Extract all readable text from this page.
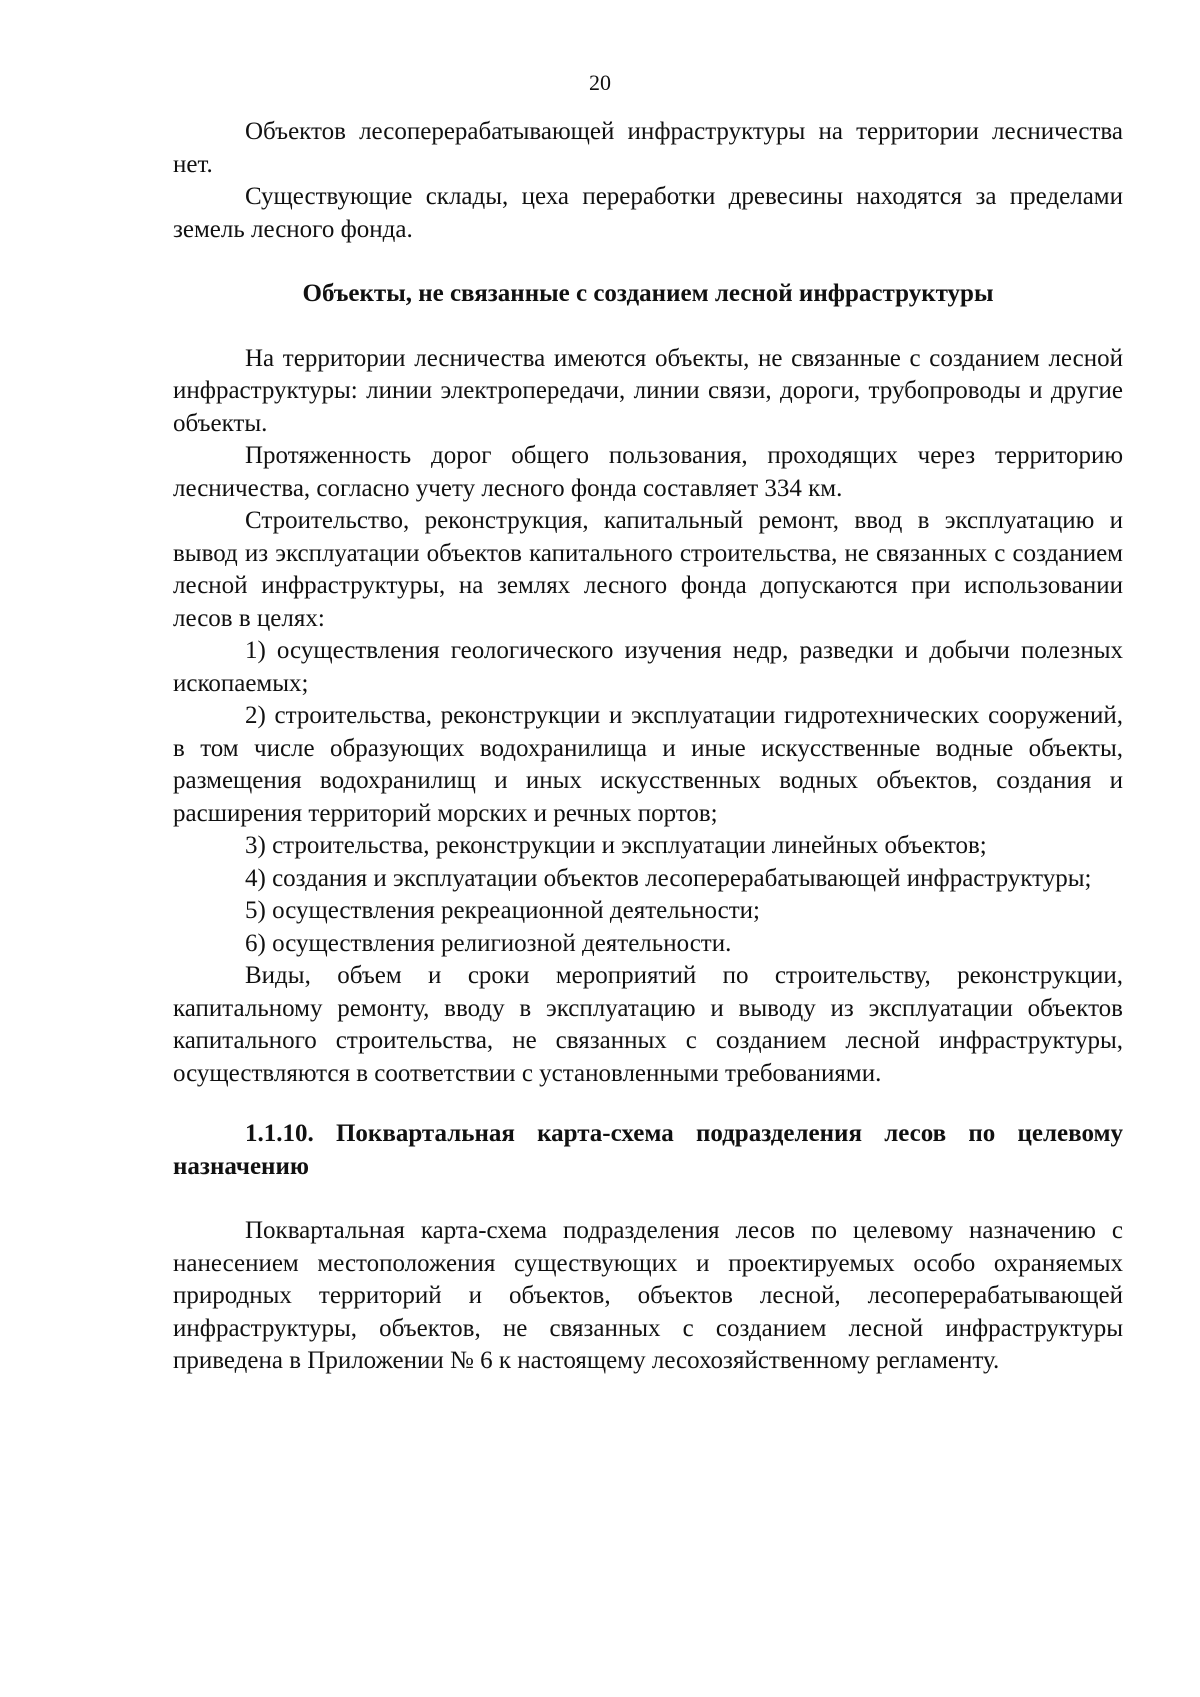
20

Объектов лесоперерабатывающей инфраструктуры на территории лесничества нет.

Существующие склады, цеха переработки древесины находятся за пределами земель лесного фонда.

Объекты, не связанные с созданием лесной инфраструктуры

На территории лесничества имеются объекты, не связанные с созданием лесной инфраструктуры: линии электропередачи, линии связи, дороги, трубопроводы и другие объекты.

Протяженность дорог общего пользования, проходящих через территорию лесничества, согласно учету лесного фонда составляет 334 км.

Строительство, реконструкция, капитальный ремонт, ввод в эксплуатацию и вывод из эксплуатации объектов капитального строительства, не связанных с созданием лесной инфраструктуры, на землях лесного фонда допускаются при использовании лесов в целях:

1) осуществления геологического изучения недр, разведки и добычи полезных ископаемых;

2) строительства, реконструкции и эксплуатации гидротехнических сооружений, в том числе образующих водохранилища и иные искусственные водные объекты, размещения водохранилищ и иных искусственных водных объектов, создания и расширения территорий морских и речных портов;

3) строительства, реконструкции и эксплуатации линейных объектов;

4) создания и эксплуатации объектов лесоперерабатывающей инфраструктуры;

5) осуществления рекреационной деятельности;

6) осуществления религиозной деятельности.

Виды, объем и сроки мероприятий по строительству, реконструкции, капитальному ремонту, вводу в эксплуатацию и выводу из эксплуатации объектов капитального строительства, не связанных с созданием лесной инфраструктуры, осуществляются в соответствии с установленными требованиями.

1.1.10. Поквартальная карта-схема подразделения лесов по целевому назначению

Поквартальная карта-схема подразделения лесов по целевому назначению с нанесением местоположения существующих и проектируемых особо охраняемых природных территорий и объектов, объектов лесной, лесоперерабатывающей инфраструктуры, объектов, не связанных с созданием лесной инфраструктуры приведена в Приложении № 6 к настоящему лесохозяйственному регламенту.
